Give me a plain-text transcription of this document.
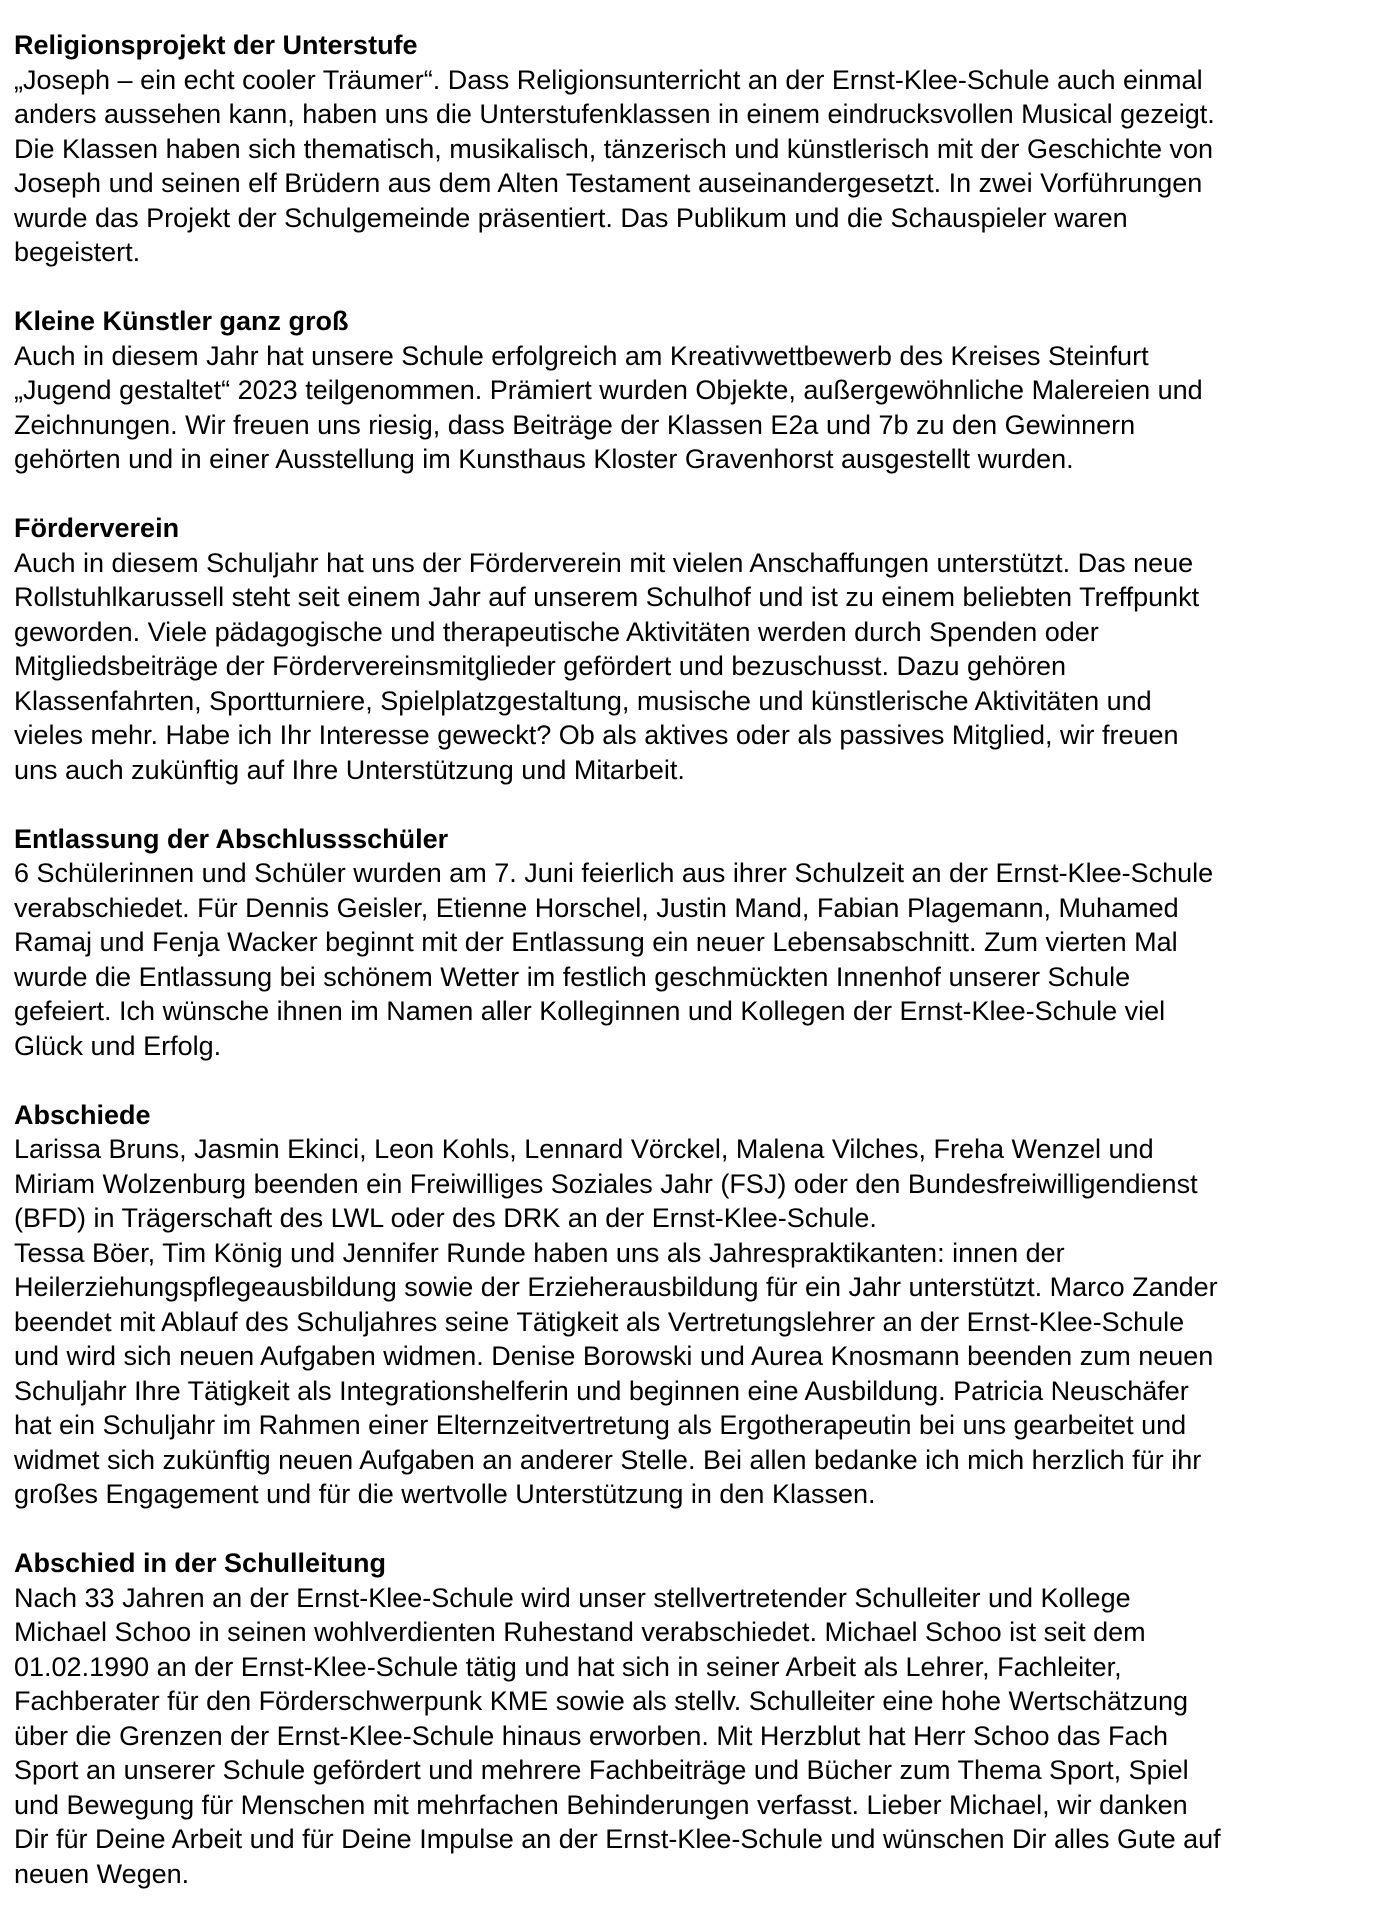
Religionsprojekt der Unterstufe
„Joseph – ein echt cooler Träumer“. Dass Religionsunterricht an der Ernst-Klee-Schule auch einmal
anders aussehen kann, haben uns die Unterstufenklassen in einem eindrucksvollen Musical gezeigt.
Die Klassen haben sich thematisch, musikalisch, tänzerisch und künstlerisch mit der Geschichte von
Joseph und seinen elf Brüdern aus dem Alten Testament auseinandergesetzt. In zwei Vorführungen
wurde das Projekt der Schulgemeinde präsentiert. Das Publikum und die Schauspieler waren
begeistert.
Kleine Künstler ganz groß
Auch in diesem Jahr hat unsere Schule erfolgreich am Kreativwettbewerb des Kreises Steinfurt
„Jugend gestaltet“ 2023 teilgenommen. Prämiert wurden Objekte, außergewöhnliche Malereien und
Zeichnungen. Wir freuen uns riesig, dass Beiträge der Klassen E2a und 7b zu den Gewinnern
gehörten und in einer Ausstellung im Kunsthaus Kloster Gravenhorst ausgestellt wurden.
Förderverein
Auch in diesem Schuljahr hat uns der Förderverein mit vielen Anschaffungen unterstützt. Das neue
Rollstuhlkarussell steht seit einem Jahr auf unserem Schulhof und ist zu einem beliebten Treffpunkt
geworden. Viele pädagogische und therapeutische Aktivitäten werden durch Spenden oder
Mitgliedsbeiträge der Fördervereinsmitglieder gefördert und bezuschusst. Dazu gehören
Klassenfahrten, Sportturniere, Spielplatzgestaltung, musische und künstlerische Aktivitäten und
vieles mehr. Habe ich Ihr Interesse geweckt? Ob als aktives oder als passives Mitglied, wir freuen
uns auch zukünftig auf Ihre Unterstützung und Mitarbeit.
Entlassung der Abschlussschüler
6 Schülerinnen und Schüler wurden am 7. Juni feierlich aus ihrer Schulzeit an der Ernst-Klee-Schule
verabschiedet. Für Dennis Geisler, Etienne Horschel, Justin Mand, Fabian Plagemann, Muhamed
Ramaj und Fenja Wacker beginnt mit der Entlassung ein neuer Lebensabschnitt. Zum vierten Mal
wurde die Entlassung bei schönem Wetter im festlich geschmückten Innenhof unserer Schule
gefeiert. Ich wünsche ihnen im Namen aller Kolleginnen und Kollegen der Ernst-Klee-Schule viel
Glück und Erfolg.
Abschiede
Larissa Bruns, Jasmin Ekinci, Leon Kohls, Lennard Vörckel, Malena Vilches, Freha Wenzel und
Miriam Wolzenburg beenden ein Freiwilliges Soziales Jahr (FSJ) oder den Bundesfreiwilligendienst
(BFD) in Trägerschaft des LWL oder des DRK an der Ernst-Klee-Schule.
Tessa Böer, Tim König und Jennifer Runde haben uns als Jahrespraktikanten: innen der
Heilerziehungspflegeausbildung sowie der Erzieherausbildung für ein Jahr unterstützt. Marco Zander
beendet mit Ablauf des Schuljahres seine Tätigkeit als Vertretungslehrer an der Ernst-Klee-Schule
und wird sich neuen Aufgaben widmen. Denise Borowski und Aurea Knosmann beenden zum neuen
Schuljahr Ihre Tätigkeit als Integrationshelferin und beginnen eine Ausbildung. Patricia Neuschäfer
hat ein Schuljahr im Rahmen einer Elternzeitvertretung als Ergotherapeutin bei uns gearbeitet und
widmet sich zukünftig neuen Aufgaben an anderer Stelle. Bei allen bedanke ich mich herzlich für ihr
großes Engagement und für die wertvolle Unterstützung in den Klassen.
Abschied in der Schulleitung
Nach 33 Jahren an der Ernst-Klee-Schule wird unser stellvertretender Schulleiter und Kollege
Michael Schoo in seinen wohlverdienten Ruhestand verabschiedet. Michael Schoo ist seit dem
01.02.1990 an der Ernst-Klee-Schule tätig und hat sich in seiner Arbeit als Lehrer, Fachleiter,
Fachberater für den Förderschwerpunk KME sowie als stellv. Schulleiter eine hohe Wertschätzung
über die Grenzen der Ernst-Klee-Schule hinaus erworben. Mit Herzblut hat Herr Schoo das Fach
Sport an unserer Schule gefördert und mehrere Fachbeiträge und Bücher zum Thema Sport, Spiel
und Bewegung für Menschen mit mehrfachen Behinderungen verfasst. Lieber Michael, wir danken
Dir für Deine Arbeit und für Deine Impulse an der Ernst-Klee-Schule und wünschen Dir alles Gute auf
neuen Wegen.
